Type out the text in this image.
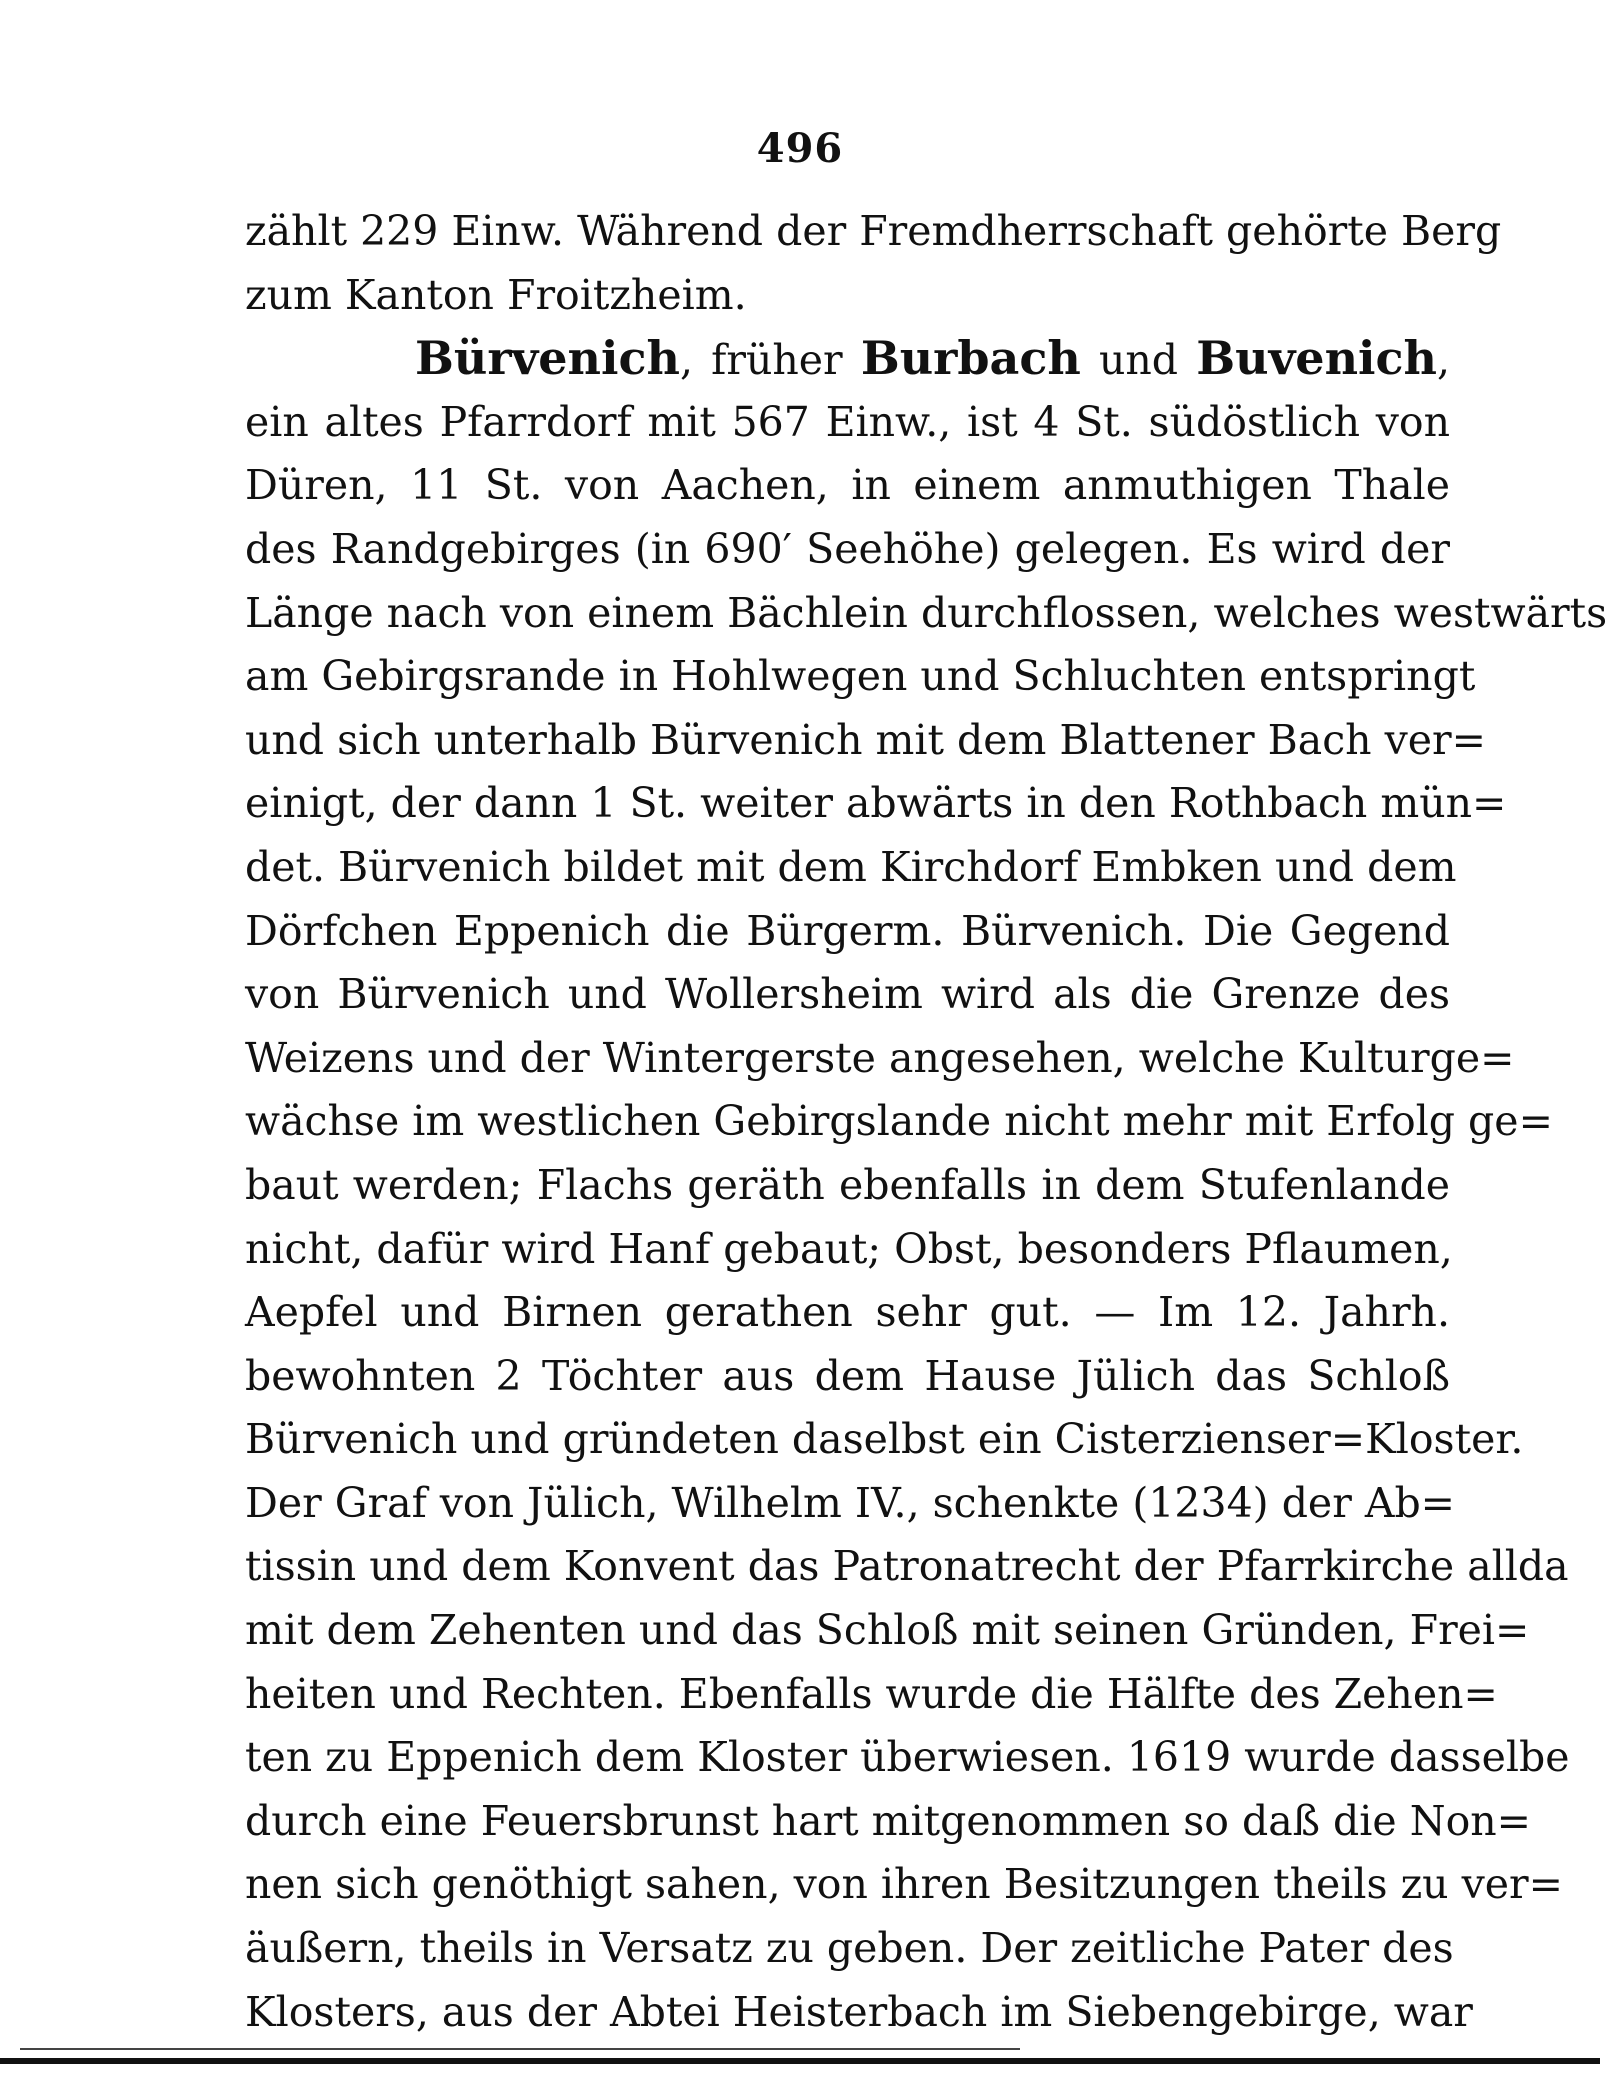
496
zählt 229 Einw. Während der Fremdherrschaft gehörte Berg
zum Kanton Froitzheim.
Bürvenich, früher Burbach und Buvenich,
ein altes Pfarrdorf mit 567 Einw., ist 4 St. südöstlich von
Düren, 11 St. von Aachen, in einem anmuthigen Thale
des Randgebirges (in 690′ Seehöhe) gelegen. Es wird der
Länge nach von einem Bächlein durchflossen, welches westwärts
am Gebirgsrande in Hohlwegen und Schluchten entspringt
und sich unterhalb Bürvenich mit dem Blattener Bach ver=
einigt, der dann 1 St. weiter abwärts in den Rothbach mün=
det. Bürvenich bildet mit dem Kirchdorf Embken und dem
Dörfchen Eppenich die Bürgerm. Bürvenich. Die Gegend
von Bürvenich und Wollersheim wird als die Grenze des
Weizens und der Wintergerste angesehen, welche Kulturge=
wächse im westlichen Gebirgslande nicht mehr mit Erfolg ge=
baut werden; Flachs geräth ebenfalls in dem Stufenlande
nicht, dafür wird Hanf gebaut; Obst, besonders Pflaumen,
Aepfel und Birnen gerathen sehr gut. — Im 12. Jahrh.
bewohnten 2 Töchter aus dem Hause Jülich das Schloß
Bürvenich und gründeten daselbst ein Cisterzienser=Kloster.
Der Graf von Jülich, Wilhelm IV., schenkte (1234) der Ab=
tissin und dem Konvent das Patronatrecht der Pfarrkirche allda
mit dem Zehenten und das Schloß mit seinen Gründen, Frei=
heiten und Rechten. Ebenfalls wurde die Hälfte des Zehen=
ten zu Eppenich dem Kloster überwiesen. 1619 wurde dasselbe
durch eine Feuersbrunst hart mitgenommen so daß die Non=
nen sich genöthigt sahen, von ihren Besitzungen theils zu ver=
äußern, theils in Versatz zu geben. Der zeitliche Pater des
Klosters, aus der Abtei Heisterbach im Siebengebirge, war
